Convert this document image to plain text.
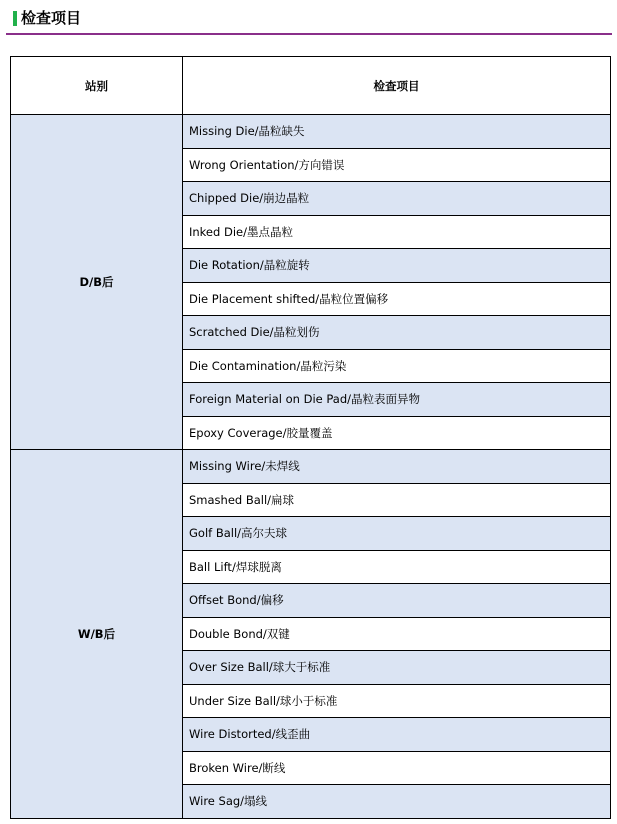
检查项目
站别	检查项目
D/B后	Missing Die/晶粒缺失
	Wrong Orientation/方向错误
	Chipped Die/崩边晶粒
	Inked Die/墨点晶粒
	Die Rotation/晶粒旋转
	Die Placement shifted/晶粒位置偏移
	Scratched Die/晶粒划伤
	Die Contamination/晶粒污染
	Foreign Material on Die Pad/晶粒表面异物
	Epoxy Coverage/胶量覆盖
W/B后	Missing Wire/未焊线
	Smashed Ball/扁球
	Golf Ball/高尔夫球
	Ball Lift/焊球脱离
	Offset Bond/偏移
	Double Bond/双键
	Over Size Ball/球大于标准
	Under Size Ball/球小于标准
	Wire Distorted/线歪曲
	Broken Wire/断线
	Wire Sag/塌线
